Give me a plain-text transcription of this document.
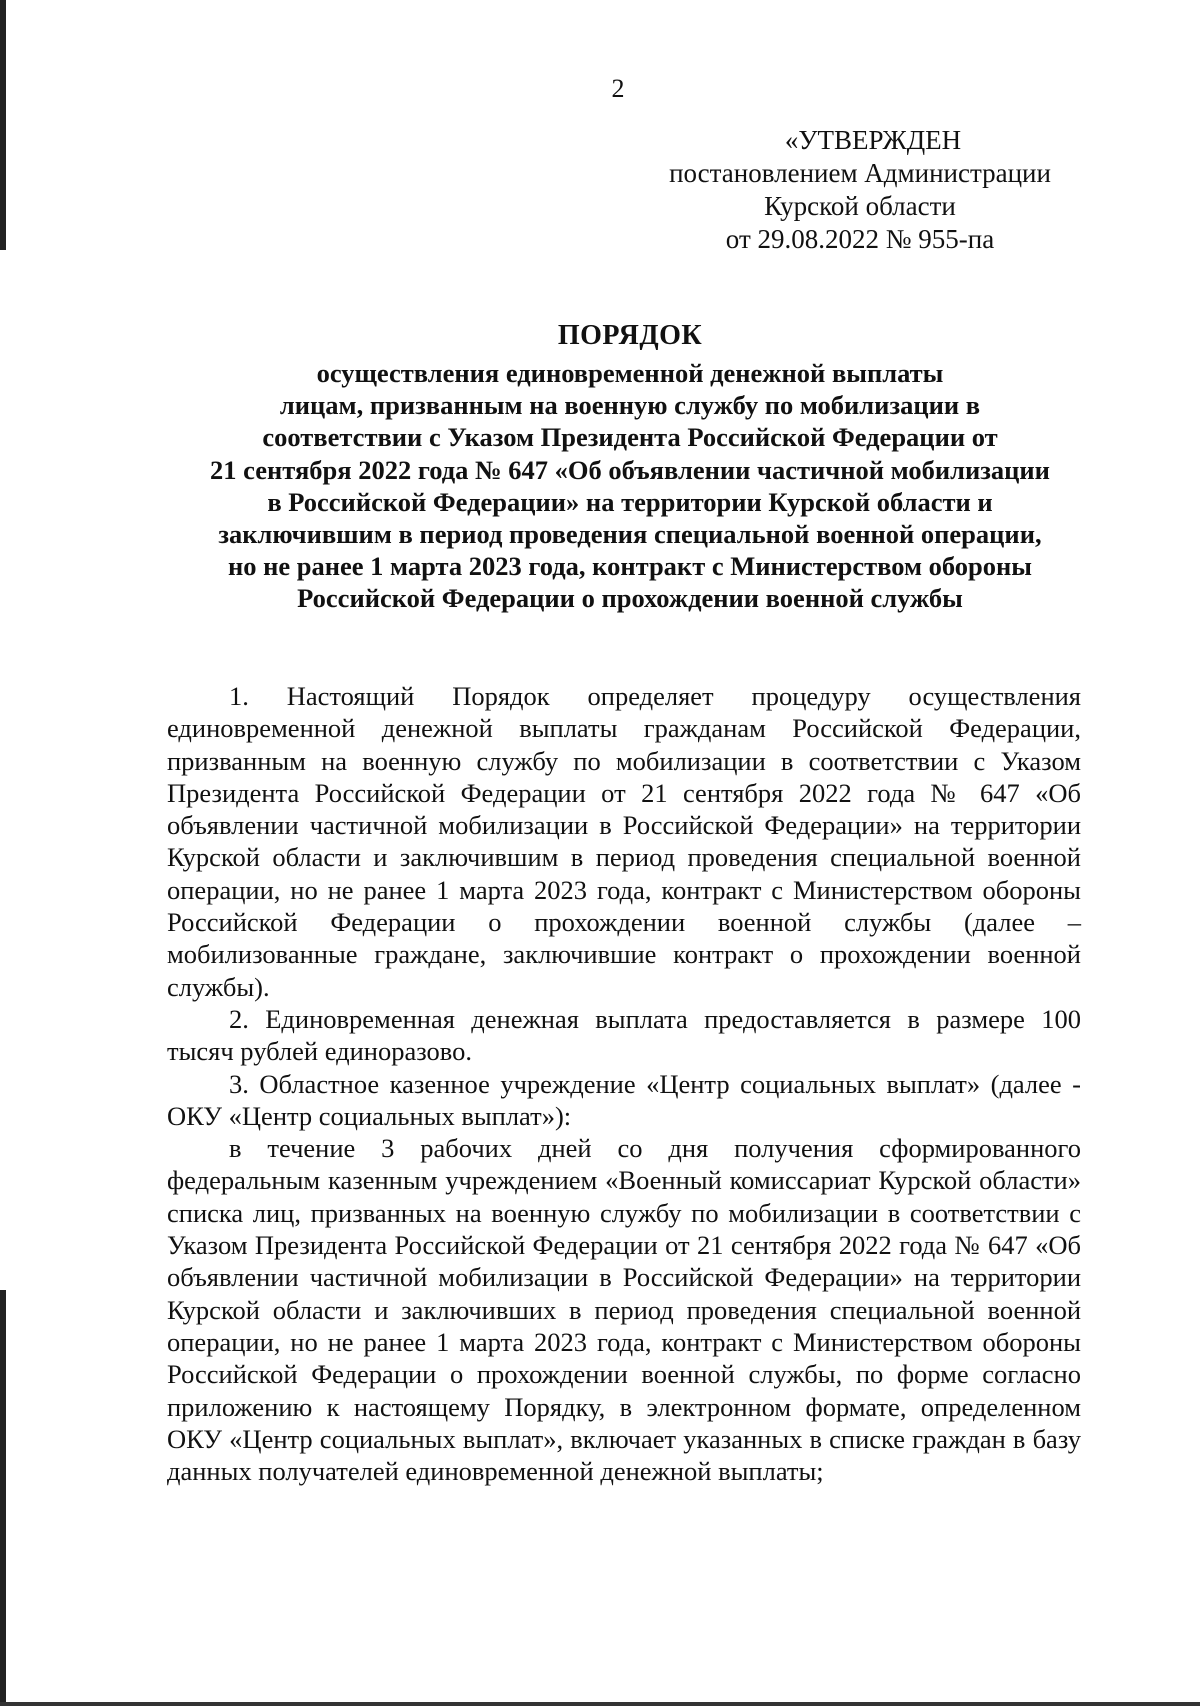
2
«УТВЕРЖДЕН
постановлением Администрации
Курской области
от 29.08.2022 № 955-па
ПОРЯДОК
осуществления единовременной денежной выплаты
лицам, призванным на военную службу по мобилизации в
соответствии с Указом Президента Российской Федерации от
21 сентября 2022 года № 647 «Об объявлении частичной мобилизации
в Российской Федерации» на территории Курской области и
заключившим в период проведения специальной военной операции,
но не ранее 1 марта 2023 года, контракт с Министерством обороны
Российской Федерации о прохождении военной службы

1. Настоящий Порядок определяет процедуру осуществления единовременной денежной выплаты гражданам Российской Федерации, призванным на военную службу по мобилизации в соответствии с Указом Президента Российской Федерации от 21 сентября 2022 года № 647 «Об объявлении частичной мобилизации в Российской Федерации» на территории Курской области и заключившим в период проведения специальной военной операции, но не ранее 1 марта 2023 года, контракт с Министерством обороны Российской Федерации о прохождении военной службы (далее – мобилизованные граждане, заключившие контракт о прохождении военной службы).

2. Единовременная денежная выплата предоставляется в размере 100 тысяч рублей единоразово.

3. Областное казенное учреждение «Центр социальных выплат» (далее - ОКУ «Центр социальных выплат»):

в течение 3 рабочих дней со дня получения сформированного федеральным казенным учреждением «Военный комиссариат Курской области» списка лиц, призванных на военную службу по мобилизации в соответствии с Указом Президента Российской Федерации от 21 сентября 2022 года № 647 «Об объявлении частичной мобилизации в Российской Федерации» на территории Курской области и заключивших в период проведения специальной военной операции, но не ранее 1 марта 2023 года, контракт с Министерством обороны Российской Федерации о прохождении военной службы, по форме согласно приложению к настоящему Порядку, в электронном формате, определенном ОКУ «Центр социальных выплат», включает указанных в списке граждан в базу данных получателей единовременной денежной выплаты;
